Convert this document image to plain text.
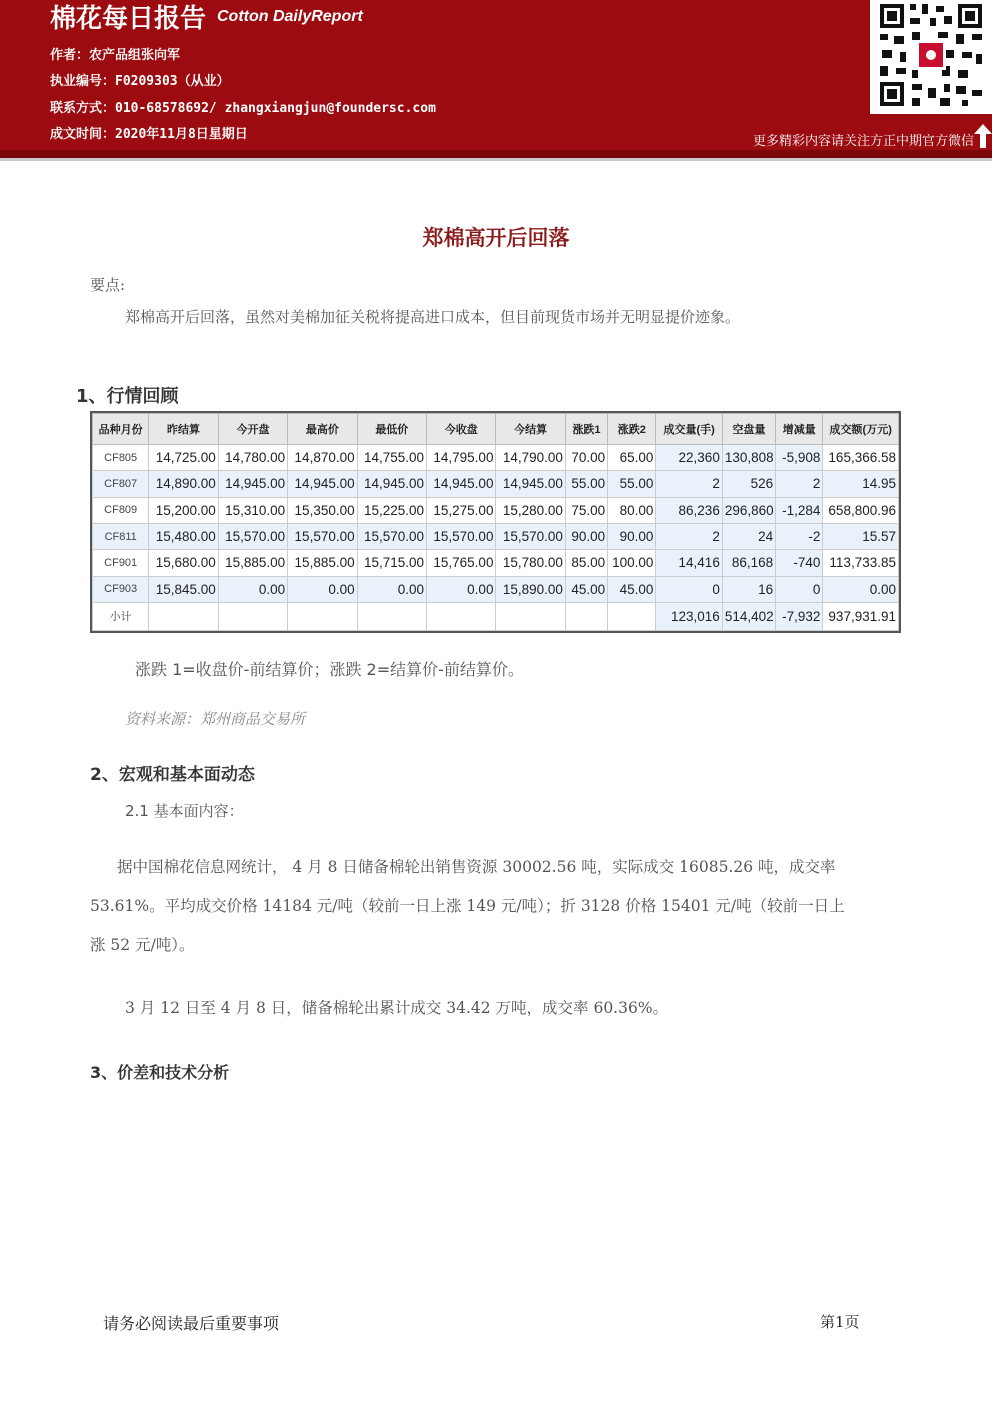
棉花每日报告 Cotton DailyReport
作者：农产品组张向军
执业编号：F0209303（从业）
联系方式：010-68578692/ zhangxiangjun@foundersc.com
成文时间：2020年11月8日星期日	更多精彩内容请关注方正中期官方微信
郑棉高开后回落
要点:
郑棉高开后回落，虽然对美棉加征关税将提高进口成本，但目前现货市场并无明显提价迹象。
1、行情回顾
品种月份	昨结算	今开盘	最高价	最低价	今收盘	今结算	涨跌1	涨跌2	成交量(手)	空盘量	增减量	成交额(万元)
CF805	14,725.00	14,780.00	14,870.00	14,755.00	14,795.00	14,790.00	70.00	65.00	22,360	130,808	-5,908	165,366.58
CF807	14,890.00	14,945.00	14,945.00	14,945.00	14,945.00	14,945.00	55.00	55.00	2	526	2	14.95
CF809	15,200.00	15,310.00	15,350.00	15,225.00	15,275.00	15,280.00	75.00	80.00	86,236	296,860	-1,284	658,800.96
CF811	15,480.00	15,570.00	15,570.00	15,570.00	15,570.00	15,570.00	90.00	90.00	2	24	-2	15.57
CF901	15,680.00	15,885.00	15,885.00	15,715.00	15,765.00	15,780.00	85.00	100.00	14,416	86,168	-740	113,733.85
CF903	15,845.00	0.00	0.00	0.00	0.00	15,890.00	45.00	45.00	0	16	0	0.00
小计									123,016	514,402	-7,932	937,931.91
涨跌 1=收盘价-前结算价；涨跌 2=结算价-前结算价。
资料来源：郑州商品交易所
2、宏观和基本面动态
2.1 基本面内容：
据中国棉花信息网统计， 4 月 8 日储备棉轮出销售资源 30002.56 吨，实际成交 16085.26 吨，成交率
53.61%。平均成交价格 14184 元/吨（较前一日上涨 149 元/吨）；折 3128 价格 15401 元/吨（较前一日上
涨 52 元/吨）。
3 月 12 日至 4 月 8 日，储备棉轮出累计成交 34.42 万吨，成交率 60.36%。
3、价差和技术分析
请务必阅读最后重要事项	第1页
